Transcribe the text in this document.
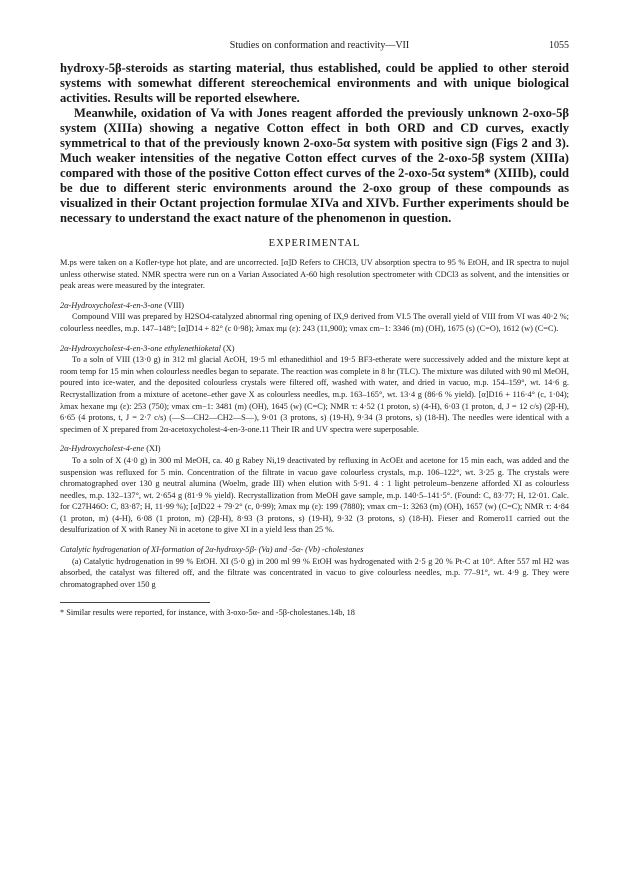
Studies on conformation and reactivity—VII	1055

hydroxy-5β-steroids as starting material, thus established, could be applied to other steroid systems with somewhat different stereochemical environments and with unique biological activities. Results will be reported elsewhere.

Meanwhile, oxidation of Va with Jones reagent afforded the previously unknown 2-oxo-5β system (XIIIa) showing a negative Cotton effect in both ORD and CD curves, exactly symmetrical to that of the previously known 2-oxo-5α system with positive sign (Figs 2 and 3). Much weaker intensities of the negative Cotton effect curves of the 2-oxo-5β system (XIIIa) compared with those of the positive Cotton effect curves of the 2-oxo-5α system* (XIIIb), could be due to different steric environments around the 2-oxo group of these compounds as visualized in their Octant projection formulae XIVa and XIVb. Further experiments should be necessary to understand the exact nature of the phenomenon in question.

EXPERIMENTAL

M.ps were taken on a Kofler-type hot plate, and are uncorrected. [α]D Refers to CHCl3, UV absorption spectra to 95 % EtOH, and IR spectra to nujol unless otherwise stated. NMR spectra were run on a Varian Associated A-60 high resolution spectrometer with CDCl3 as solvent, and the intensities or peak areas were measured by the integrater.

2α-Hydroxycholest-4-en-3-one (VIII)

Compound VIII was prepared by H2SO4-catalyzed abnormal ring opening of IX,9 derived from VI.5 The overall yield of VIII from VI was 40·2 %; colourless needles, m.p. 147–148°; [α]D14 + 82° (c 0·98); λmax mμ (ε): 243 (11,900); νmax cm−1: 3346 (m) (OH), 1675 (s) (C=O), 1612 (w) (C=C).

2α-Hydroxycholest-4-en-3-one ethylenethioketal (X)

To a soln of VIII (13·0 g) in 312 ml glacial AcOH, 19·5 ml ethanedithiol and 19·5 BF3-etherate were successively added and the mixture kept at room temp for 15 min when colourless needles began to separate. The reaction was complete in 8 hr (TLC). The mixture was diluted with 90 ml MeOH, poured into ice-water, and the deposited colourless crystals were filtered off, washed with water, and dried in vacuo, m.p. 154–159°, wt. 14·6 g. Recrystallization from a mixture of acetone–ether gave X as colourless needles, m.p. 163–165°, wt. 13·4 g (86·6 % yield). [α]D16 + 116·4° (c, 1·04); λmax hexane mμ (ε): 253 (750); νmax cm−1: 3481 (m) (OH), 1645 (w) (C=C); NMR τ: 4·52 (1 proton, s) (4-H), 6·03 (1 proton, d, J = 12 c/s) (2β-H), 6·65 (4 protons, t, J = 2·7 c/s) (—S—CH2—CH2—S—), 9·01 (3 protons, s) (19-H), 9·34 (3 protons, s) (18-H). The needles were identical with a specimen of X prepared from 2α-acetoxycholest-4-en-3-one.11 Their IR and UV spectra were superposable.

2α-Hydroxycholest-4-ene (XI)

To a soln of X (4·0 g) in 300 ml MeOH, ca. 40 g Rabey Ni,19 deactivated by refluxing in AcOEt and acetone for 15 min each, was added and the suspension was refluxed for 5 min. Concentration of the filtrate in vacuo gave colourless crystals, m.p. 106–122°, wt. 3·25 g. The crystals were chromatographed over 130 g neutral alumina (Woelm, grade III) when elution with 5·91. 4 : 1 light petroleum–benzene afforded XI as colourless needles, m.p. 132–137°, wt. 2·654 g (81·9 % yield). Recrystallization from MeOH gave sample, m.p. 140·5–141·5°. (Found: C, 83·77; H, 12·01. Calc. for C27H46O: C, 83·87; H, 11·99 %); [α]D22 + 79·2° (c, 0·99); λmax mμ (ε): 199 (7880); νmax cm−1: 3263 (m) (OH), 1657 (w) (C=C); NMR τ: 4·84 (1 proton, m) (4-H), 6·08 (1 proton, m) (2β-H), 8·93 (3 protons, s) (19-H), 9·32 (3 protons, s) (18-H). Fieser and Romero11 carried out the desulfurization of X with Raney Ni in acetone to give XI in a yield less than 25 %.

Catalytic hydrogenation of XI-formation of 2α-hydroxy-5β- (Va) and -5α- (Vb) -cholestanes

(a) Catalytic hydrogenation in 99 % EtOH. XI (5·0 g) in 200 ml 99 % EtOH was hydrogenated with 2·5 g 20 % Pt-C at 10°. After 557 ml H2 was absorbed, the catalyst was filtered off, and the filtrate was concentrated in vacuo to give colourless needles, m.p. 77–91°, wt. 4·9 g. They were chromatographed over 150 g

* Similar results were reported, for instance, with 3-oxo-5α- and -5β-cholestanes.14b, 18
